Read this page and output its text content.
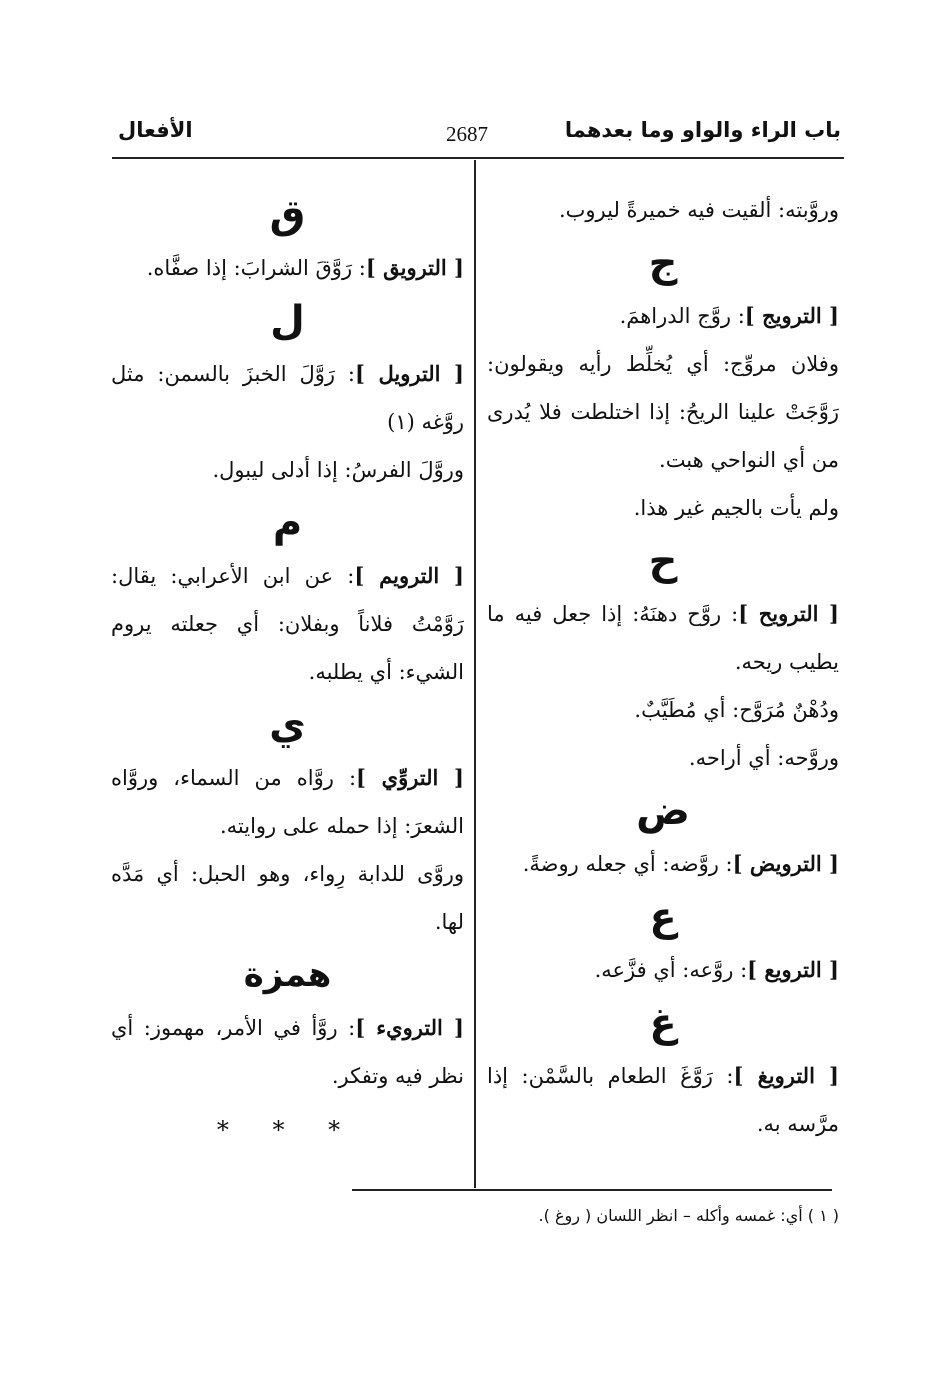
باب الراء والواو وما بعدهما
2687
الأفعال
وروَّبته: ألقيت فيه خميرةً ليروب.
ج
[ الترويج ]: روَّج الدراهمَ.
وفلان مروِّج: أي يُخلِّط رأيه ويقولون: رَوَّجَتْ علينا الريحُ: إذا اختلطت فلا يُدرى من أي النواحي هبت.
ولم يأت بالجيم غير هذا.
ح
[ الترويح ]: روَّح دهنَهُ: إذا جعل فيه ما يطيب ريحه.
ودُهْنٌ مُرَوَّح: أي مُطَيَّبٌ.
وروَّحه: أي أراحه.
ض
[ الترويض ]: روَّضه: أي جعله روضةً.
ع
[ الترويع ]: روَّعه: أي فزَّعه.
غ
[ الترويغ ]: رَوَّغَ الطعام بالسَّمْن: إذا مرَّسه به.
ق
[ الترويق ]: رَوَّقَ الشرابَ: إذا صفَّاه.
ل
[ الترويل ]: رَوَّلَ الخبزَ بالسمن: مثل روَّغه (١)
وروَّلَ الفرسُ: إذا أدلى ليبول.
م
[ الترويم ]: عن ابن الأعرابي: يقال: رَوَّمْتُ فلاناً وبفلان: أي جعلته يروم الشيء: أي يطلبه.
ي
[ التروِّي ]: روَّاه من السماء، وروَّاه الشعرَ: إذا حمله على روايته.
وروَّى للدابة رِواء، وهو الحبل: أي مَدَّه لها.
همزة
[ الترويء ]: روَّأ في الأمر، مهموز: أي نظر فيه وتفكر.
* * *
( ١ ) أي: غمسه وأكله – انظر اللسان ( روغ ).
